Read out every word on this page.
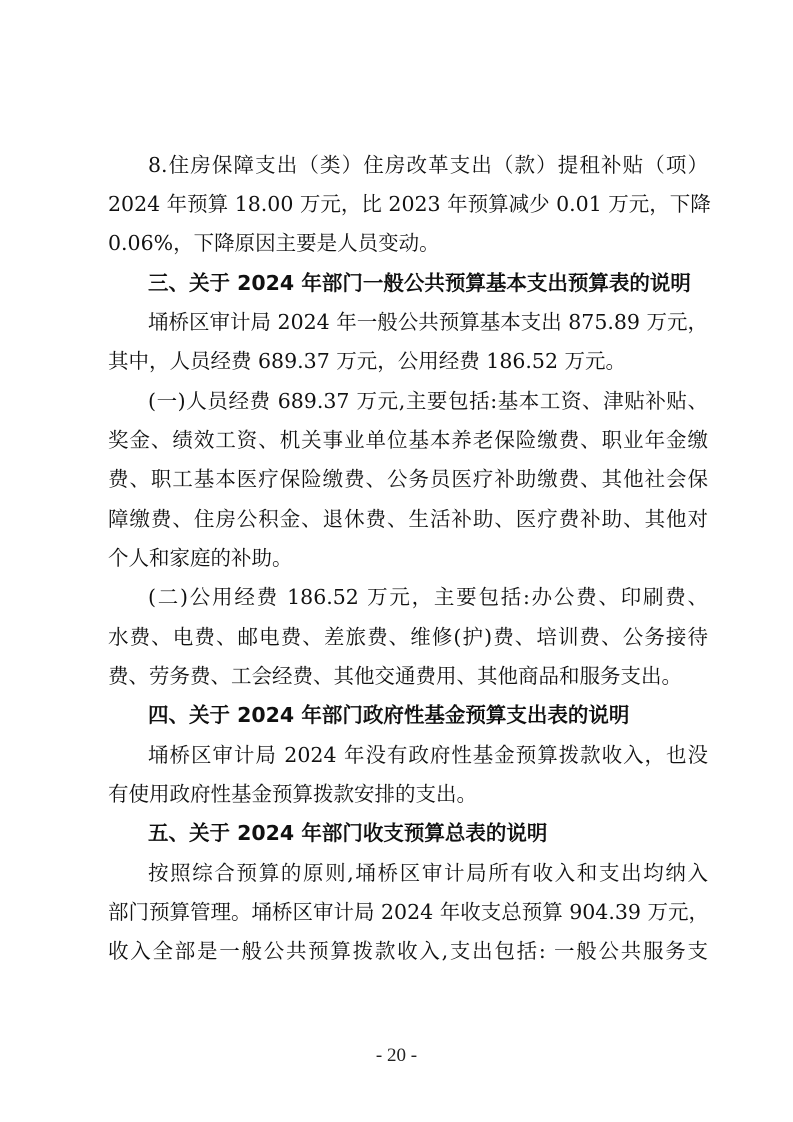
8.住房保障支出（类）住房改革支出（款）提租补贴（项）
2024 年预算 18.00 万元，比 2023 年预算减少 0.01 万元，下降
0.06%，下降原因主要是人员变动。
三、关于 2024 年部门一般公共预算基本支出预算表的说明
埇桥区审计局 2024 年一般公共预算基本支出 875.89 万元，
其中，人员经费 689.37 万元，公用经费 186.52 万元。
(一)人员经费 689.37 万元,主要包括:基本工资、津贴补贴、
奖金、绩效工资、机关事业单位基本养老保险缴费、职业年金缴
费、职工基本医疗保险缴费、公务员医疗补助缴费、其他社会保
障缴费、住房公积金、退休费、生活补助、医疗费补助、其他对
个人和家庭的补助。
(二)公用经费 186.52 万元，主要包括:办公费、印刷费、
水费、电费、邮电费、差旅费、维修(护)费、培训费、公务接待
费、劳务费、工会经费、其他交通费用、其他商品和服务支出。
四、关于 2024 年部门政府性基金预算支出表的说明
埇桥区审计局 2024 年没有政府性基金预算拨款收入，也没
有使用政府性基金预算拨款安排的支出。
五、关于 2024 年部门收支预算总表的说明
按照综合预算的原则,埇桥区审计局所有收入和支出均纳入
部门预算管理。埇桥区审计局 2024 年收支总预算 904.39 万元，
收入全部是一般公共预算拨款收入,支出包括: 一般公共服务支
- 20 -
